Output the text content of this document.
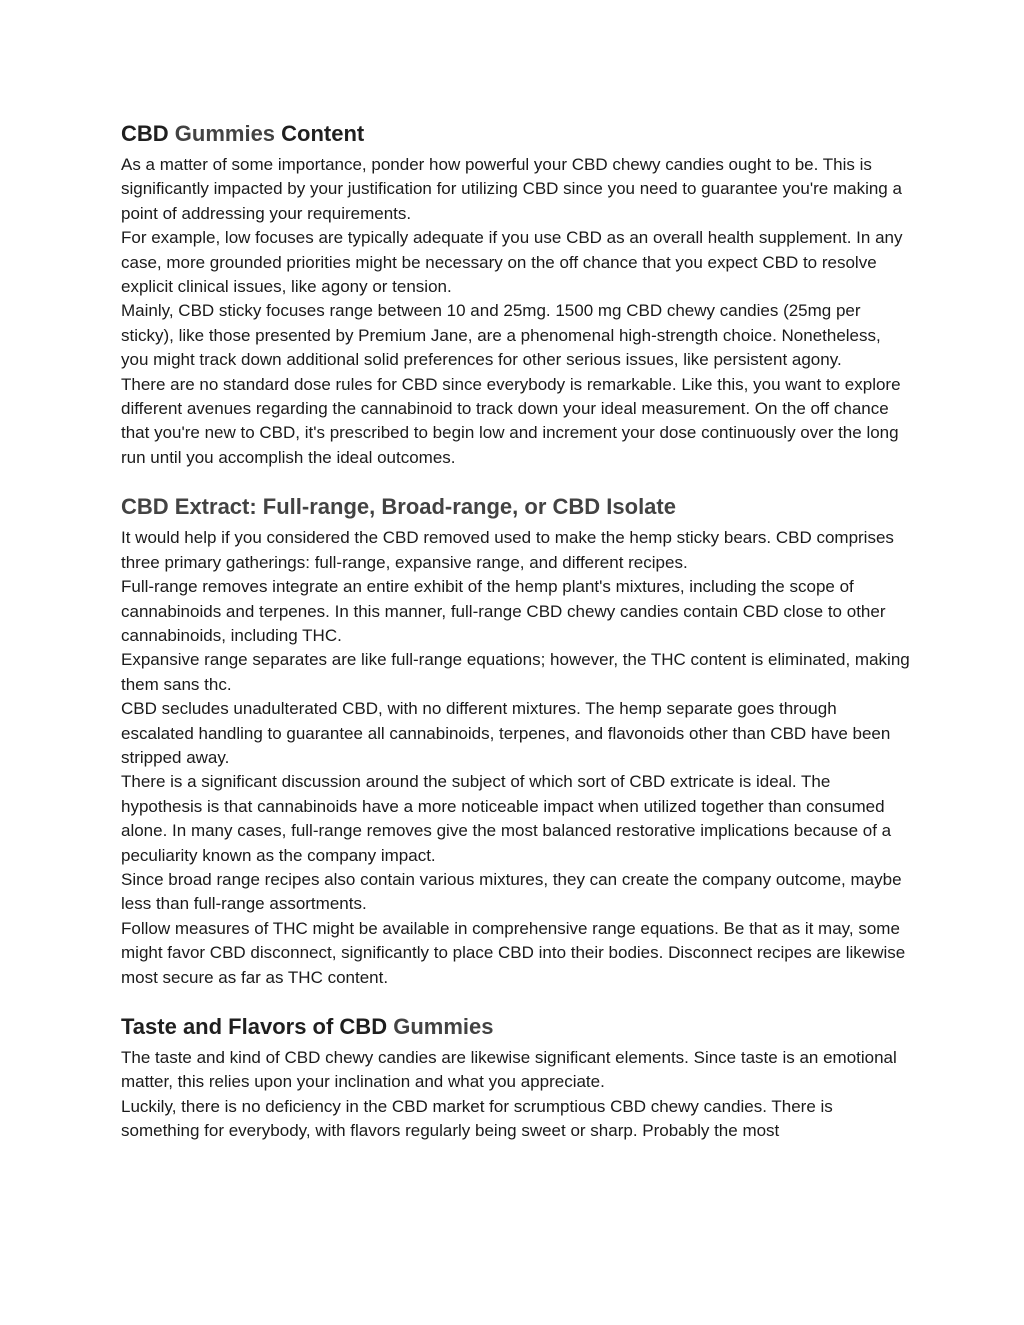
CBD Gummies Content

As a matter of some importance, ponder how powerful your CBD chewy candies ought to be. This is significantly impacted by your justification for utilizing CBD since you need to guarantee you're making a point of addressing your requirements.

For example, low focuses are typically adequate if you use CBD as an overall health supplement. In any case, more grounded priorities might be necessary on the off chance that you expect CBD to resolve explicit clinical issues, like agony or tension.

Mainly, CBD sticky focuses range between 10 and 25mg. 1500 mg CBD chewy candies (25mg per sticky), like those presented by Premium Jane, are a phenomenal high-strength choice. Nonetheless, you might track down additional solid preferences for other serious issues, like persistent agony.

There are no standard dose rules for CBD since everybody is remarkable. Like this, you want to explore different avenues regarding the cannabinoid to track down your ideal measurement. On the off chance that you're new to CBD, it's prescribed to begin low and increment your dose continuously over the long run until you accomplish the ideal outcomes.

CBD Extract: Full-range, Broad-range, or CBD Isolate

It would help if you considered the CBD removed used to make the hemp sticky bears. CBD comprises three primary gatherings: full-range, expansive range, and different recipes.

Full-range removes integrate an entire exhibit of the hemp plant's mixtures, including the scope of cannabinoids and terpenes. In this manner, full-range CBD chewy candies contain CBD close to other cannabinoids, including THC.

Expansive range separates are like full-range equations; however, the THC content is eliminated, making them sans thc.

CBD secludes unadulterated CBD, with no different mixtures. The hemp separate goes through escalated handling to guarantee all cannabinoids, terpenes, and flavonoids other than CBD have been stripped away.

There is a significant discussion around the subject of which sort of CBD extricate is ideal. The hypothesis is that cannabinoids have a more noticeable impact when utilized together than consumed alone. In many cases, full-range removes give the most balanced restorative implications because of a peculiarity known as the company impact.

Since broad range recipes also contain various mixtures, they can create the company outcome, maybe less than full-range assortments.

Follow measures of THC might be available in comprehensive range equations. Be that as it may, some might favor CBD disconnect, significantly to place CBD into their bodies. Disconnect recipes are likewise most secure as far as THC content.

Taste and Flavors of CBD Gummies

The taste and kind of CBD chewy candies are likewise significant elements. Since taste is an emotional matter, this relies upon your inclination and what you appreciate.

Luckily, there is no deficiency in the CBD market for scrumptious CBD chewy candies. There is something for everybody, with flavors regularly being sweet or sharp. Probably the most
